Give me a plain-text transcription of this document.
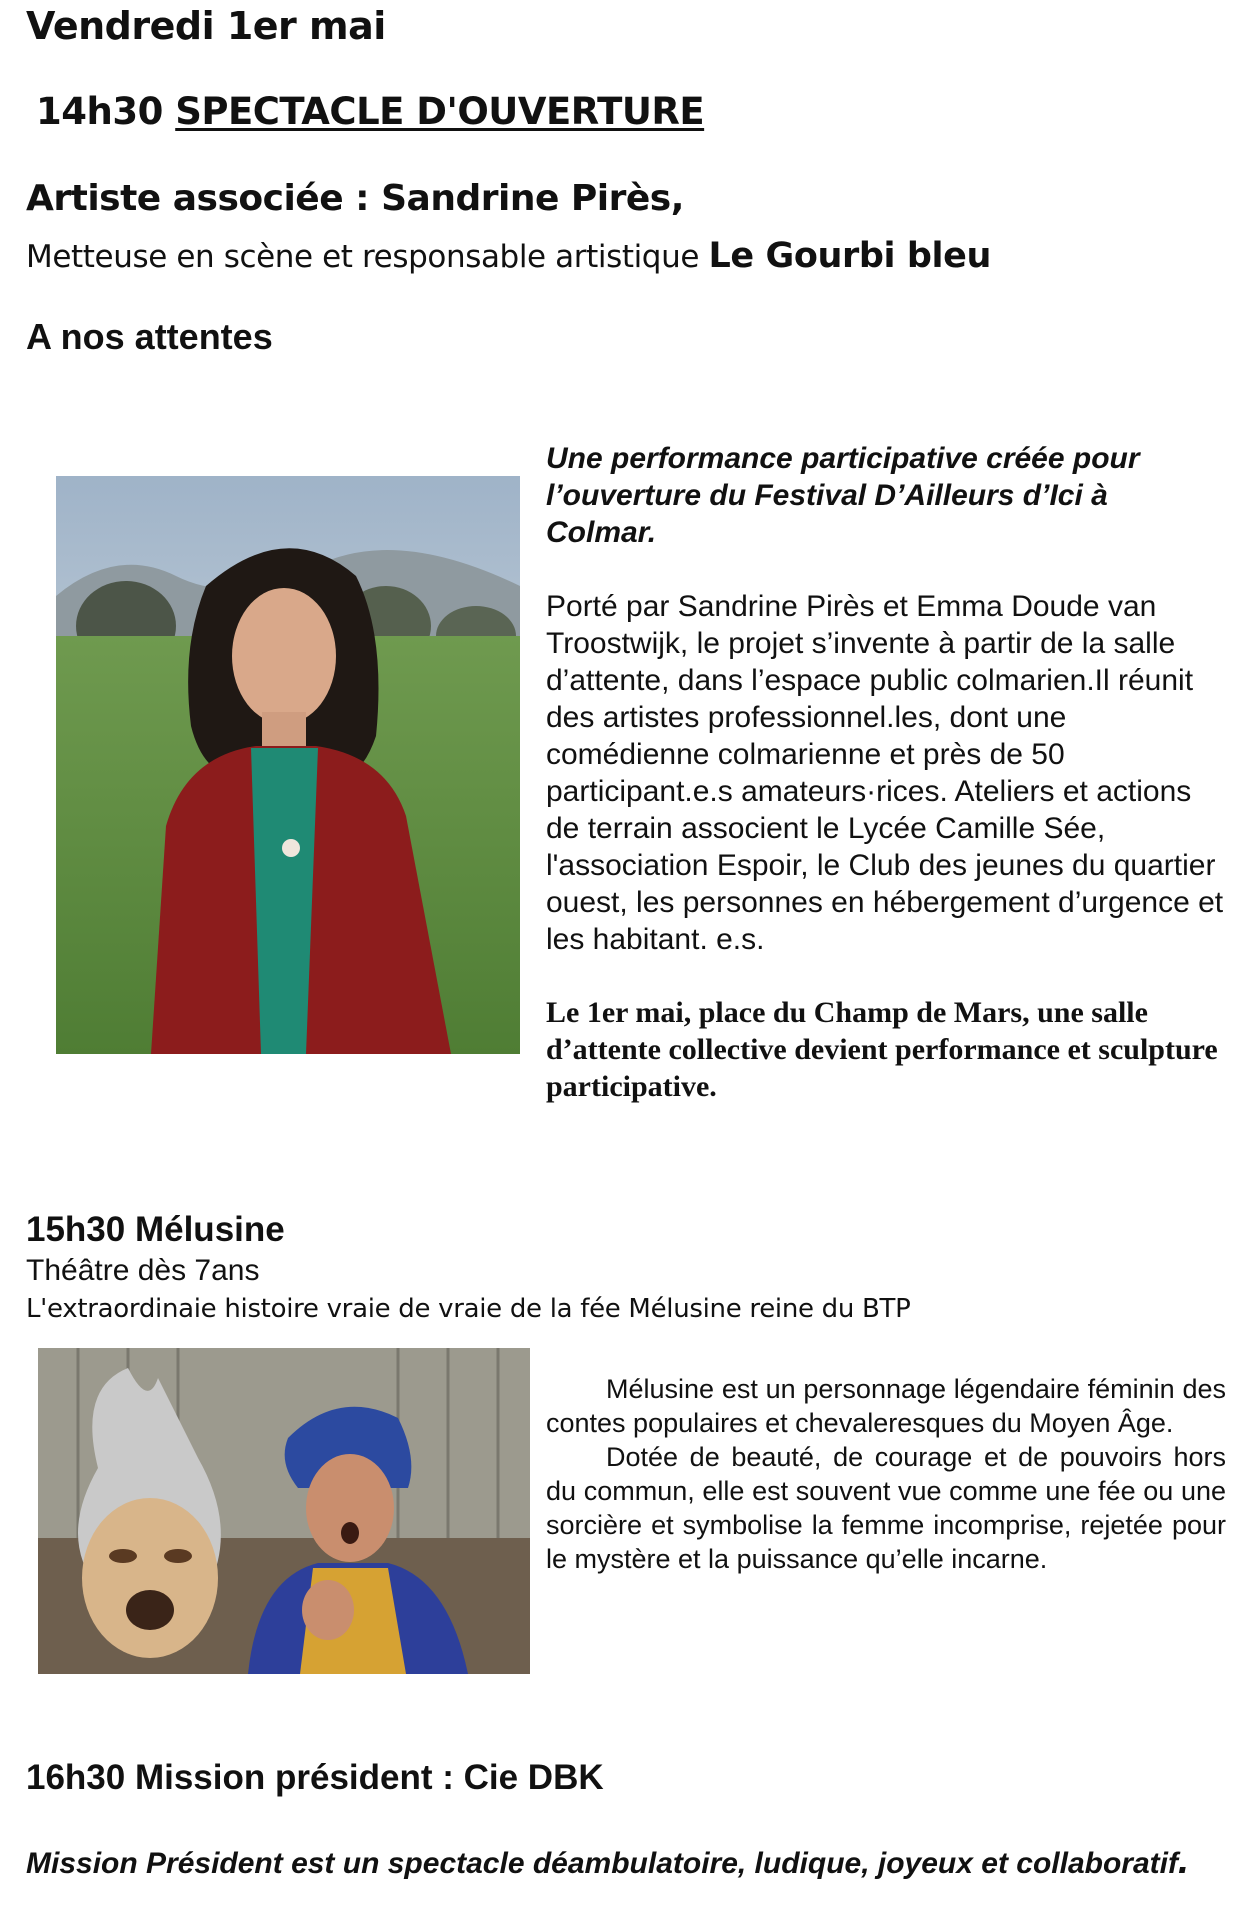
Vendredi 1er mai
14h30 SPECTACLE D'OUVERTURE
Artiste associée : Sandrine Pirès,
Metteuse en scène et responsable artistique Le Gourbi bleu
A nos attentes
Une performance participative créée pour l’ouverture du Festival D’Ailleurs d’Ici à Colmar.
Porté par Sandrine Pirès et Emma Doude van Troostwijk, le projet s’invente à partir de la salle d’attente, dans l’espace public colmarien.Il réunit des artistes professionnel.les, dont une comédienne colmarienne et près de 50 participant.e.s amateurs·rices. Ateliers et actions de terrain associent le Lycée Camille Sée, l'association Espoir, le Club des jeunes du quartier ouest, les personnes en hébergement d’urgence et les habitant. e.s.
Le 1er mai, place du Champ de Mars, une salle d’attente collective devient performance et sculpture participative.
15h30 Mélusine
Théâtre dès 7ans
L'extraordinaie histoire vraie de vraie de la fée Mélusine reine du BTP

Mélusine est un personnage légendaire féminin des contes populaires et chevaleresques du Moyen Âge.

Dotée de beauté, de courage et de pouvoirs hors du commun, elle est souvent vue comme une fée ou une sorcière et symbolise la femme incomprise, rejetée pour le mystère et la puissance qu’elle incarne.

16h30 Mission président : Cie DBK
Mission Président est un spectacle déambulatoire, ludique, joyeux et collaboratif.
